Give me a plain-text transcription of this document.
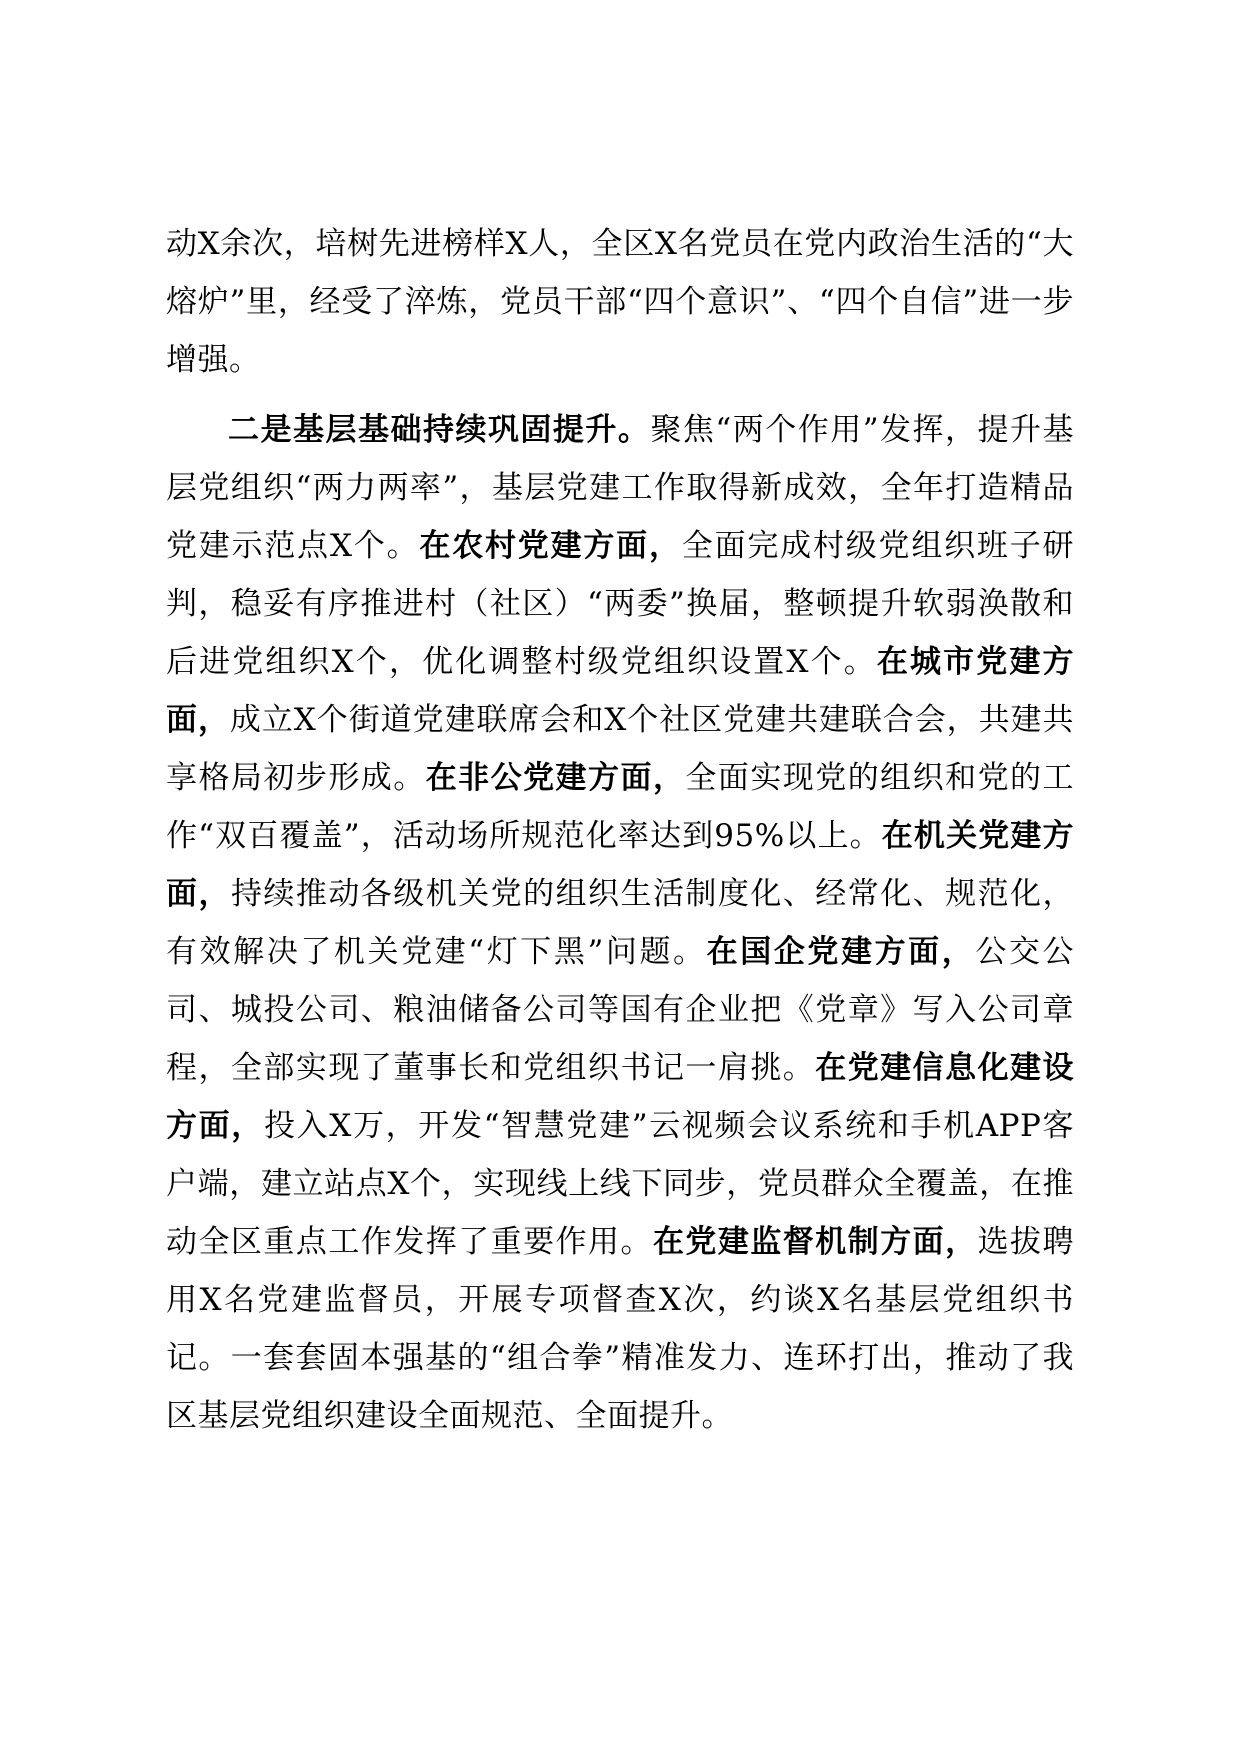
动X余次，培树先进榜样X人，全区X名党员在党内政治生活的“大熔炉”里，经受了淬炼，党员干部“四个意识”、“四个自信”进一步增强。

二是基层基础持续巩固提升。聚焦“两个作用”发挥，提升基层党组织“两力两率”，基层党建工作取得新成效，全年打造精品党建示范点X个。在农村党建方面，全面完成村级党组织班子研判，稳妥有序推进村（社区）“两委”换届，整顿提升软弱涣散和后进党组织X个，优化调整村级党组织设置X个。在城市党建方面，成立X个街道党建联席会和X个社区党建共建联合会，共建共享格局初步形成。在非公党建方面，全面实现党的组织和党的工作“双百覆盖”，活动场所规范化率达到95%以上。在机关党建方面，持续推动各级机关党的组织生活制度化、经常化、规范化，有效解决了机关党建“灯下黑”问题。在国企党建方面，公交公司、城投公司、粮油储备公司等国有企业把《党章》写入公司章程，全部实现了董事长和党组织书记一肩挑。在党建信息化建设方面，投入X万，开发“智慧党建”云视频会议系统和手机APP客户端，建立站点X个，实现线上线下同步，党员群众全覆盖，在推动全区重点工作发挥了重要作用。在党建监督机制方面，选拔聘用X名党建监督员，开展专项督查X次，约谈X名基层党组织书记。一套套固本强基的“组合拳”精准发力、连环打出，推动了我区基层党组织建设全面规范、全面提升。
